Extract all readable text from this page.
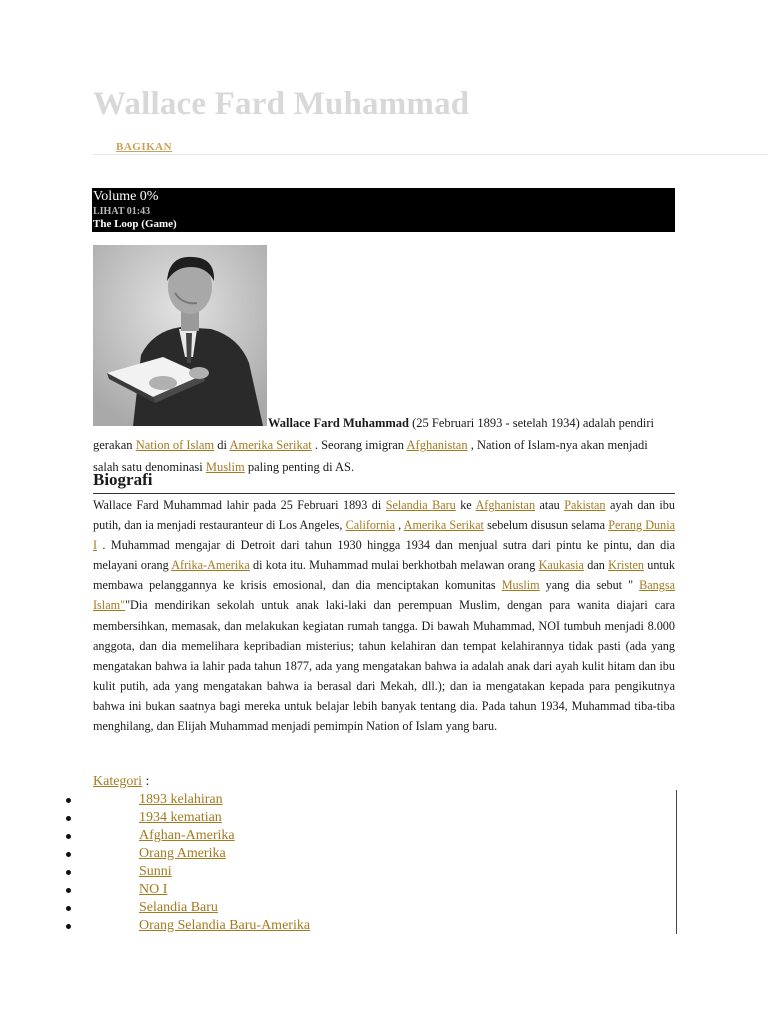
Wallace Fard Muhammad
BAGIKAN
Volume 0%
LIHAT 01:43
The Loop (Game)

Wallace Fard Muhammad (25 Februari 1893 - setelah 1934) adalah pendiri gerakan Nation of Islam di Amerika Serikat . Seorang imigran Afghanistan , Nation of Islam-nya akan menjadi salah satu denominasi Muslim paling penting di AS.

Biografi

Wallace Fard Muhammad lahir pada 25 Februari 1893 di Selandia Baru ke Afghanistan atau Pakistan ayah dan ibu putih, dan ia menjadi restauranteur di Los Angeles, California , Amerika Serikat sebelum disusun selama Perang Dunia I . Muhammad mengajar di Detroit dari tahun 1930 hingga 1934 dan menjual sutra dari pintu ke pintu, dan dia melayani orang Afrika-Amerika di kota itu. Muhammad mulai berkhotbah melawan orang Kaukasia dan Kristen untuk membawa pelanggannya ke krisis emosional, dan dia menciptakan komunitas Muslim yang dia sebut " Bangsa Islam""Dia mendirikan sekolah untuk anak laki-laki dan perempuan Muslim, dengan para wanita diajari cara membersihkan, memasak, dan melakukan kegiatan rumah tangga. Di bawah Muhammad, NOI tumbuh menjadi 8.000 anggota, dan dia memelihara kepribadian misterius; tahun kelahiran dan tempat kelahirannya tidak pasti (ada yang mengatakan bahwa ia lahir pada tahun 1877, ada yang mengatakan bahwa ia adalah anak dari ayah kulit hitam dan ibu kulit putih, ada yang mengatakan bahwa ia berasal dari Mekah, dll.); dan ia mengatakan kepada para pengikutnya bahwa ini bukan saatnya bagi mereka untuk belajar lebih banyak tentang dia. Pada tahun 1934, Muhammad tiba-tiba menghilang, dan Elijah Muhammad menjadi pemimpin Nation of Islam yang baru.

Kategori :
1893 kelahiran
1934 kematian
Afghan-Amerika
Orang Amerika
Sunni
NO I
Selandia Baru
Orang Selandia Baru-Amerika
